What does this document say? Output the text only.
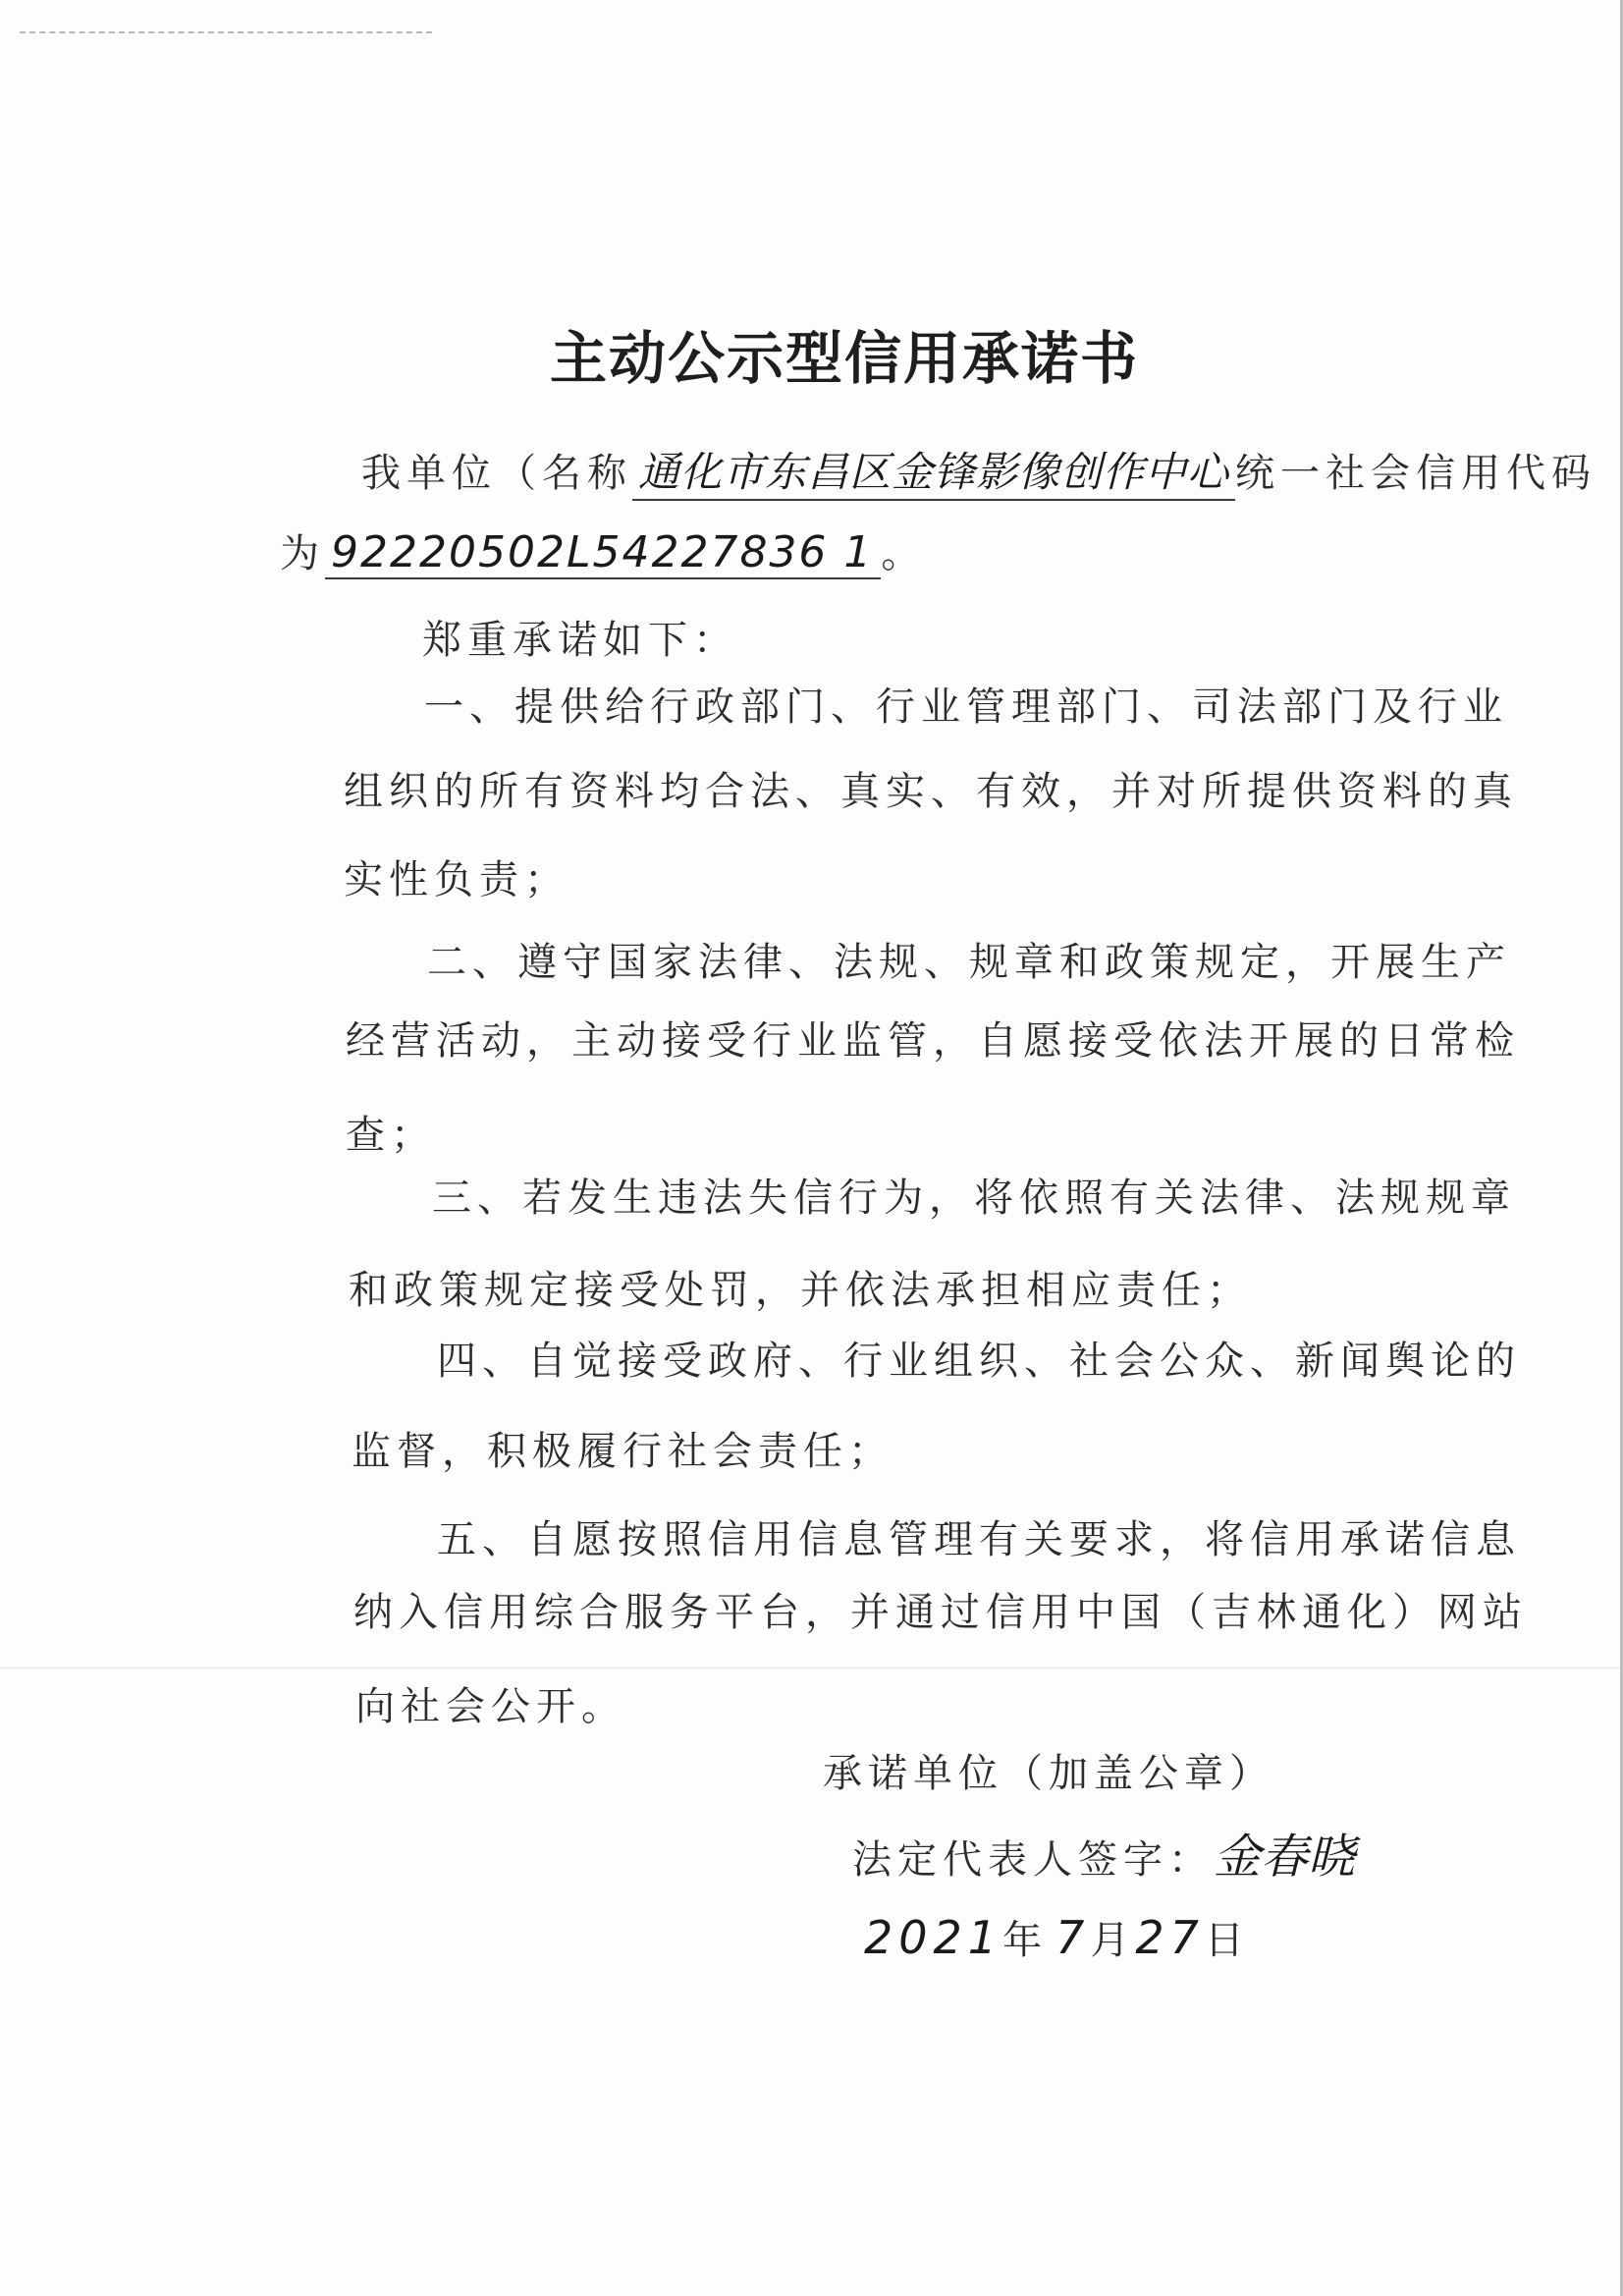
主动公示型信用承诺书
我单位（名称 通化市东昌区金锋影像创作中心 统一社会信用代码
为 92220502L54227836 1 。
郑重承诺如下：
一、提供给行政部门、行业管理部门、司法部门及行业
组织的所有资料均合法、真实、有效，并对所提供资料的真
实性负责；
二、遵守国家法律、法规、规章和政策规定，开展生产
经营活动，主动接受行业监管，自愿接受依法开展的日常检
查；
三、若发生违法失信行为，将依照有关法律、法规规章
和政策规定接受处罚，并依法承担相应责任；
四、自觉接受政府、行业组织、社会公众、新闻舆论的
监督，积极履行社会责任；
五、自愿按照信用信息管理有关要求，将信用承诺信息
纳入信用综合服务平台，并通过信用中国（吉林通化）网站
向社会公开。
承诺单位（加盖公章）
法定代表人签字：金春晓
2021年 7月27日
